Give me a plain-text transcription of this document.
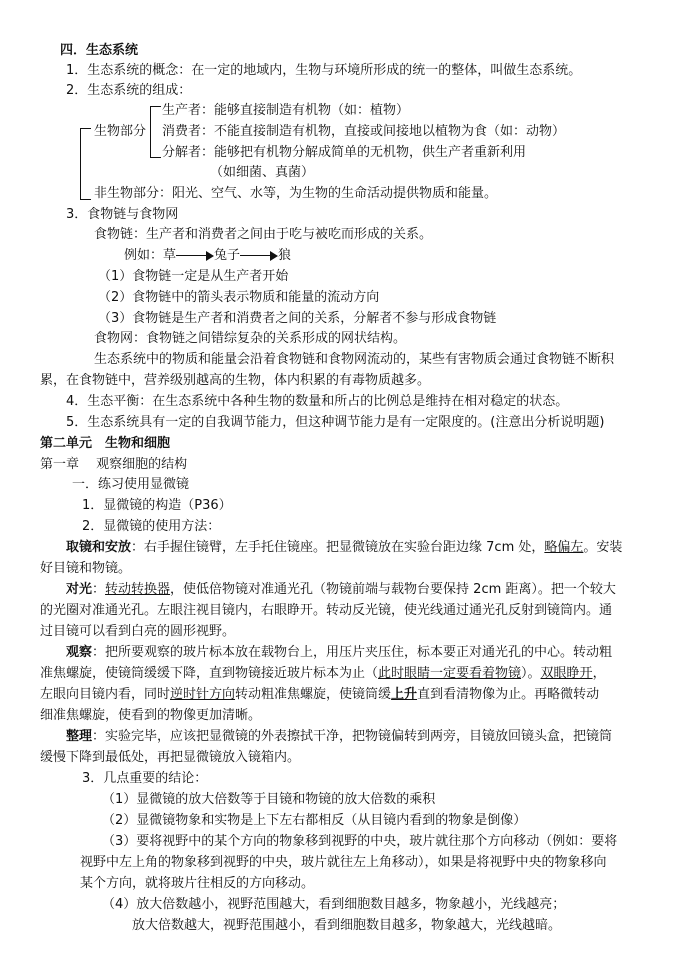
四．生态系统
1．生态系统的概念：在一定的地域内，生物与环境所形成的统一的整体，叫做生态系统。
2．生态系统的组成：
生物部分
生产者：能够直接制造有机物（如：植物）
消费者：不能直接制造有机物，直接或间接地以植物为食（如：动物）
分解者：能够把有机物分解成简单的无机物，供生产者重新利用
（如细菌、真菌）
非生物部分：阳光、空气、水等，为生物的生命活动提供物质和能量。
3．食物链与食物网
食物链：生产者和消费者之间由于吃与被吃而形成的关系。
例如：草	兔子	狼
（1）食物链一定是从生产者开始
（2）食物链中的箭头表示物质和能量的流动方向
（3）食物链是生产者和消费者之间的关系，分解者不参与形成食物链
食物网：食物链之间错综复杂的关系形成的网状结构。
生态系统中的物质和能量会沿着食物链和食物网流动的，某些有害物质会通过食物链不断积
累，在食物链中，营养级别越高的生物，体内积累的有毒物质越多。
4．生态平衡：在生态系统中各种生物的数量和所占的比例总是维持在相对稳定的状态。
5．生态系统具有一定的自我调节能力，但这种调节能力是有一定限度的。(注意出分析说明题)
第二单元　生物和细胞
第一章　 观察细胞的结构
一．练习使用显微镜
1．显微镜的构造（P36）
2．显微镜的使用方法：
取镜和安放：右手握住镜臂，左手托住镜座。把显微镜放在实验台距边缘 7cm 处，略偏左。安装
好目镜和物镜。
对光：转动转换器，使低倍物镜对准通光孔（物镜前端与载物台要保持 2cm 距离）。把一个较大
的光圈对准通光孔。左眼注视目镜内，右眼睁开。转动反光镜，使光线通过通光孔反射到镜筒内。通
过目镜可以看到白亮的圆形视野。
观察：把所要观察的玻片标本放在载物台上，用压片夹压住，标本要正对通光孔的中心。转动粗
准焦螺旋，使镜筒缓缓下降，直到物镜接近玻片标本为止（此时眼睛一定要看着物镜）。双眼睁开，
左眼向目镜内看，同时逆时针方向转动粗准焦螺旋，使镜筒缓上升直到看清物像为止。再略微转动
细准焦螺旋，使看到的物像更加清晰。
整理：实验完毕，应该把显微镜的外表擦拭干净，把物镜偏转到两旁，目镜放回镜头盒，把镜筒
缓慢下降到最低处，再把显微镜放入镜箱内。
3．几点重要的结论：
（1）显微镜的放大倍数等于目镜和物镜的放大倍数的乘积
（2）显微镜物象和实物是上下左右都相反（从目镜内看到的物象是倒像）
（3）要将视野中的某个方向的物象移到视野的中央，玻片就往那个方向移动（例如：要将
视野中左上角的物象移到视野的中央，玻片就往左上角移动），如果是将视野中央的物象移向
某个方向，就将玻片往相反的方向移动。
（4）放大倍数越小，视野范围越大，看到细胞数目越多，物象越小，光线越亮；
放大倍数越大，视野范围越小，看到细胞数目越多，物象越大，光线越暗。
